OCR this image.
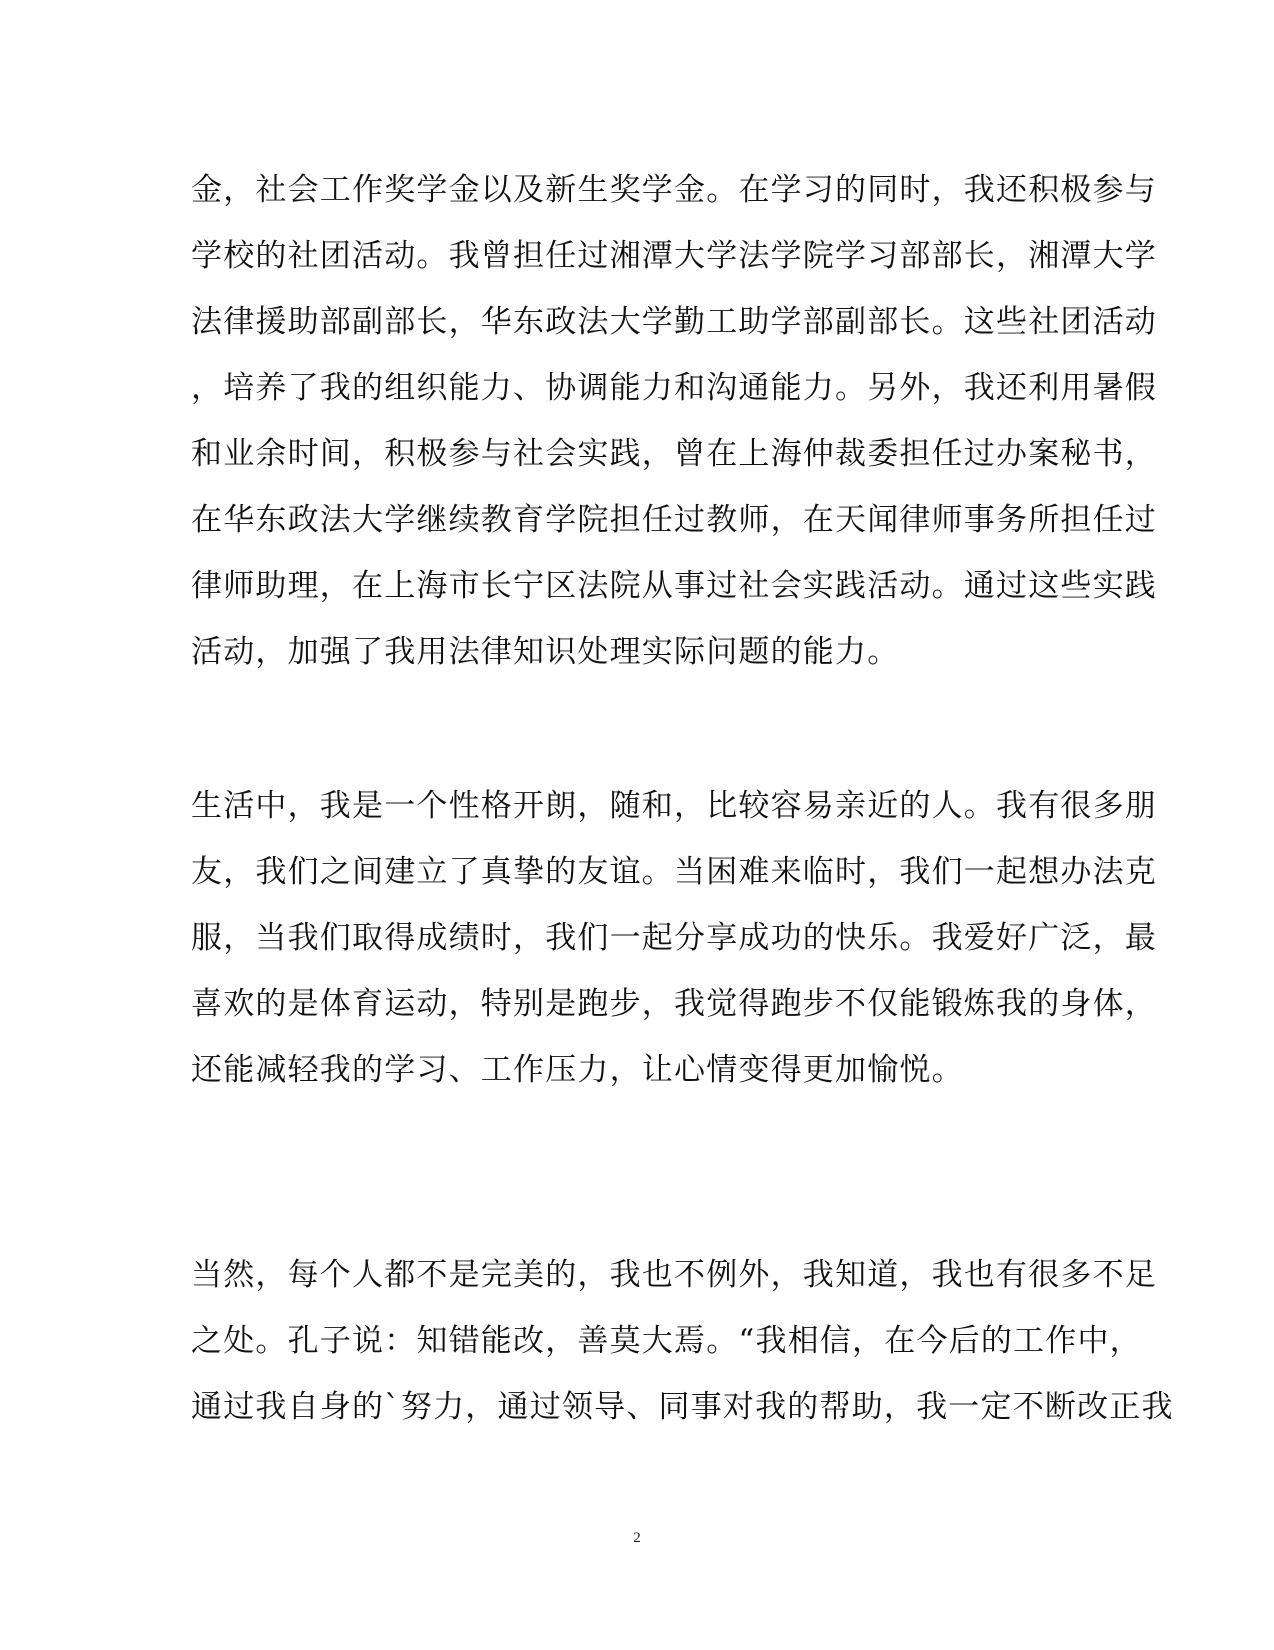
金，社会工作奖学金以及新生奖学金。在学习的同时，我还积极参与
学校的社团活动。我曾担任过湘潭大学法学院学习部部长，湘潭大学
法律援助部副部长，华东政法大学勤工助学部副部长。这些社团活动
，培养了我的组织能力、协调能力和沟通能力。另外，我还利用暑假
和业余时间，积极参与社会实践，曾在上海仲裁委担任过办案秘书，
在华东政法大学继续教育学院担任过教师，在天闻律师事务所担任过
律师助理，在上海市长宁区法院从事过社会实践活动。通过这些实践
活动，加强了我用法律知识处理实际问题的能力。
生活中，我是一个性格开朗，随和，比较容易亲近的人。我有很多朋
友，我们之间建立了真挚的友谊。当困难来临时，我们一起想办法克
服，当我们取得成绩时，我们一起分享成功的快乐。我爱好广泛，最
喜欢的是体育运动，特别是跑步，我觉得跑步不仅能锻炼我的身体，
还能减轻我的学习、工作压力，让心情变得更加愉悦。
当然，每个人都不是完美的，我也不例外，我知道，我也有很多不足
之处。孔子说：知错能改，善莫大焉。“我相信，在今后的工作中，
通过我自身的`努力，通过领导、同事对我的帮助，我一定不断改正我
2
